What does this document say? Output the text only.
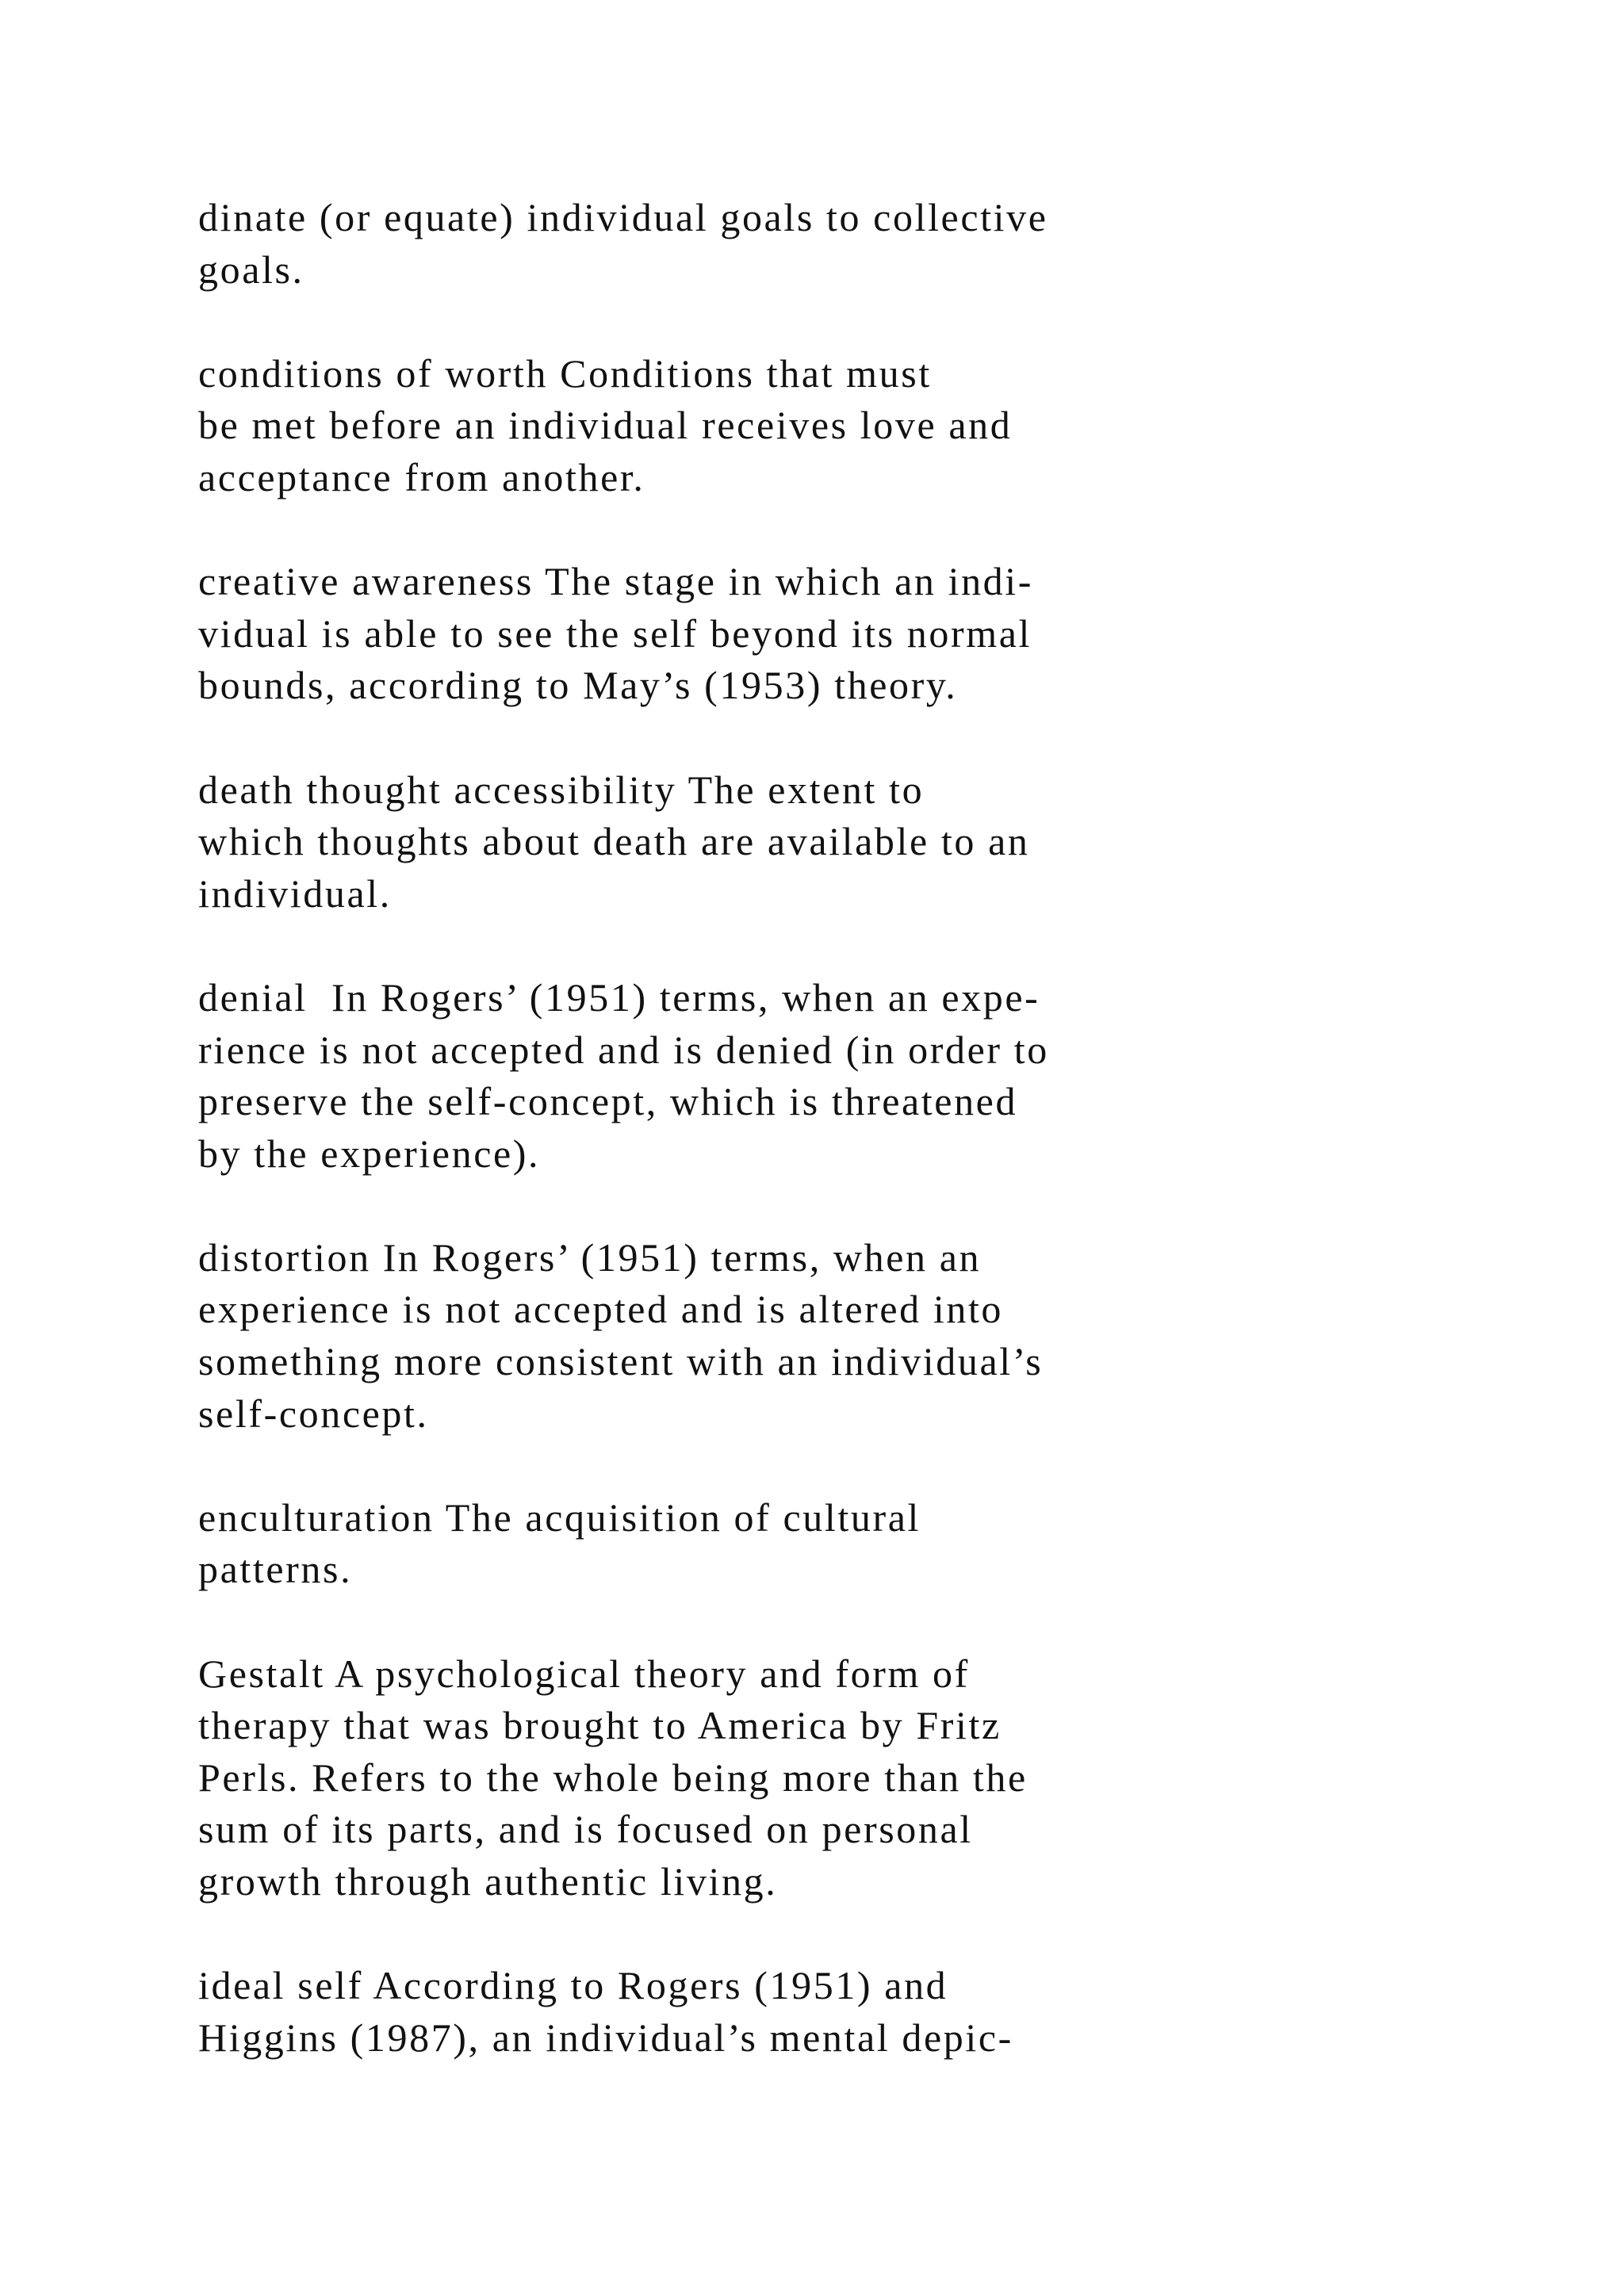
dinate (or equate) individual goals to collective
goals.
conditions of worth Conditions that must
be met before an individual receives love and
acceptance from another.
creative awareness The stage in which an indi-
vidual is able to see the self beyond its normal
bounds, according to May’s (1953) theory.
death thought accessibility The extent to
which thoughts about death are available to an
individual.
denial  In Rogers’ (1951) terms, when an expe-
rience is not accepted and is denied (in order to
preserve the self-concept, which is threatened
by the experience).
distortion In Rogers’ (1951) terms, when an
experience is not accepted and is altered into
something more consistent with an individual’s
self-concept.
enculturation The acquisition of cultural
patterns.
Gestalt A psychological theory and form of
therapy that was brought to America by Fritz
Perls. Refers to the whole being more than the
sum of its parts, and is focused on personal
growth through authentic living.
ideal self According to Rogers (1951) and
Higgins (1987), an individual’s mental depic-
